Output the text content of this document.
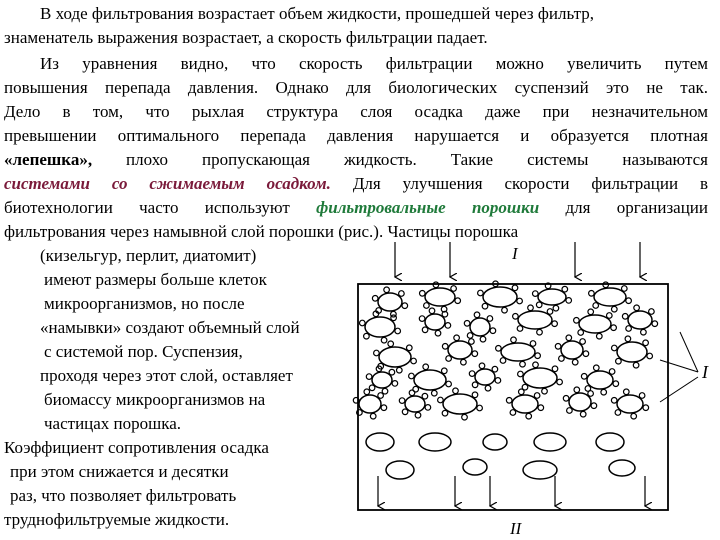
В ходе фильтрования возрастает объем жидкости, прошедшей через фильтр,
знаменатель выражения возрастает, а скорость фильтрации падает.
Из уравнения видно, что скорость фильтрации можно увеличить путем
повышения перепада давления. Однако для биологических суспензий это не так.
Дело в том, что рыхлая структура слоя осадка даже при незначительном
превышении оптимального перепада давления нарушается и образуется плотная
«лепешка», плохо пропускающая жидкость. Такие системы называются
системами со сжимаемым осадком. Для улучшения скорости фильтрации в
биотехнологии часто используют фильтровальные порошки для организации
фильтрования через намывной слой порошки (рис.). Частицы порошка
(кизельгур, перлит, диатомит)
имеют размеры больше клеток
микроорганизмов, но после
«намывки» создают объемный слой
с системой пор. Суспензия,
проходя через этот слой, оставляет
биомассу микроорганизмов на
частицах порошка.
Коэффициент сопротивления осадка
при этом снижается и десятки
раз, что позволяет фильтровать
труднофильтруемые жидкости.
I
I
II
